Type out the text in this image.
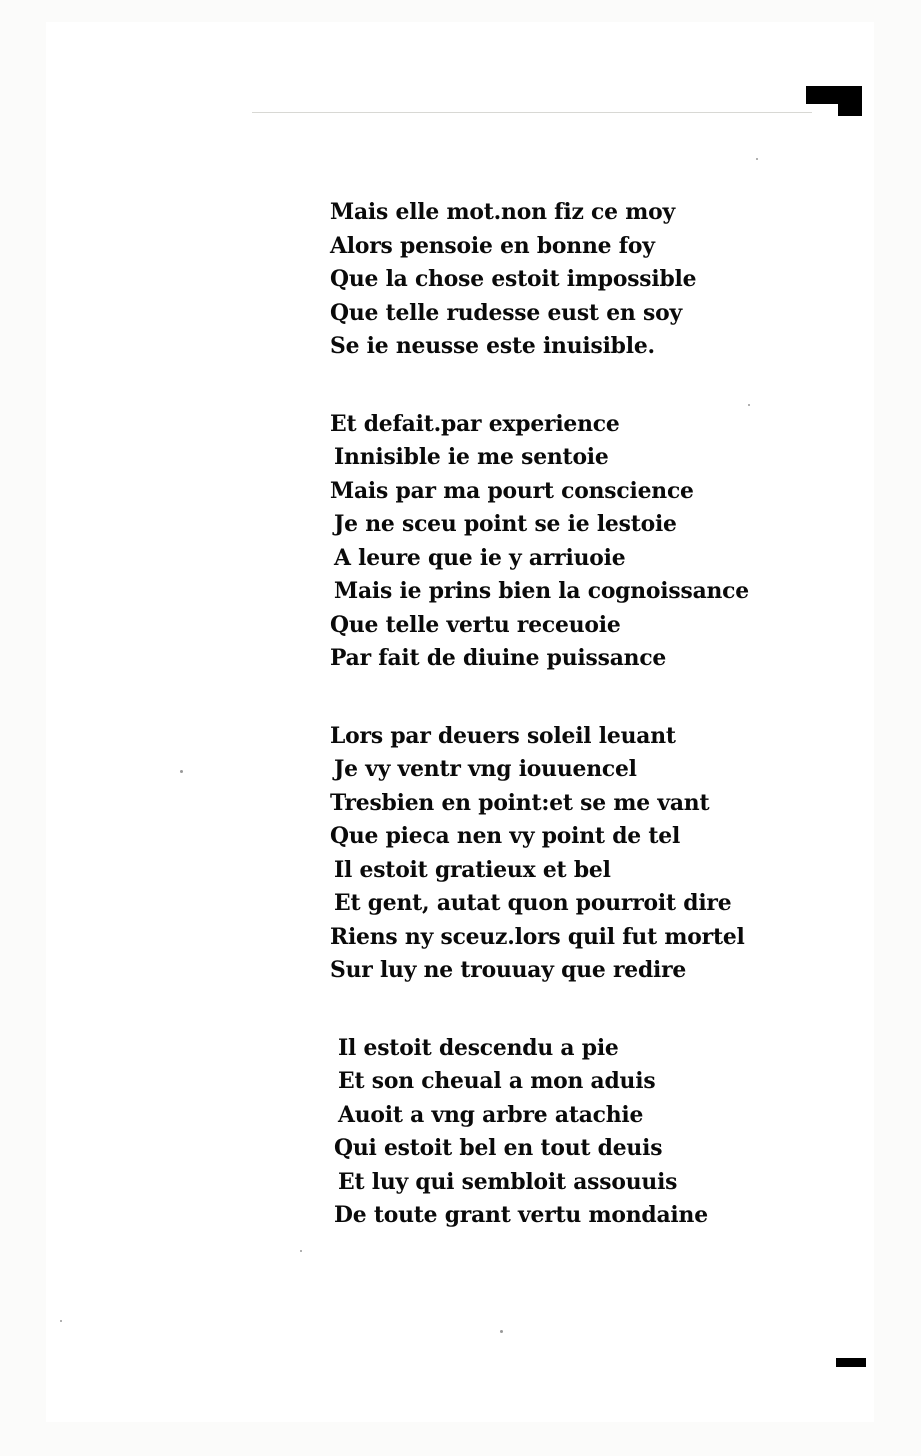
Mais elle mot.non fiz ce moy
Alors pensoie en bonne foy
Que la chose estoit impossible
Que telle rudesse eust en soy
Se ie neusse este inuisible.
Et defait.par experience
Innisible ie me sentoie
Mais par ma pourt conscience
Je ne sceu point se ie lestoie
A leure que ie y arriuoie
Mais ie prins bien la cognoissance
Que telle vertu receuoie
Par fait de diuine puissance
Lors par deuers soleil leuant
Je vy ventr vng iouuencel
Tresbien en point:et se me vant
Que pieca nen vy point de tel
Il estoit gratieux et bel
Et gent, autat quon pourroit dire
Riens ny sceuz.lors quil fut mortel
Sur luy ne trouuay que redire
Il estoit descendu a pie
Et son cheual a mon aduis
Auoit a vng arbre atachie
Qui estoit bel en tout deuis
Et luy qui sembloit assouuis
De toute grant vertu mondaine
